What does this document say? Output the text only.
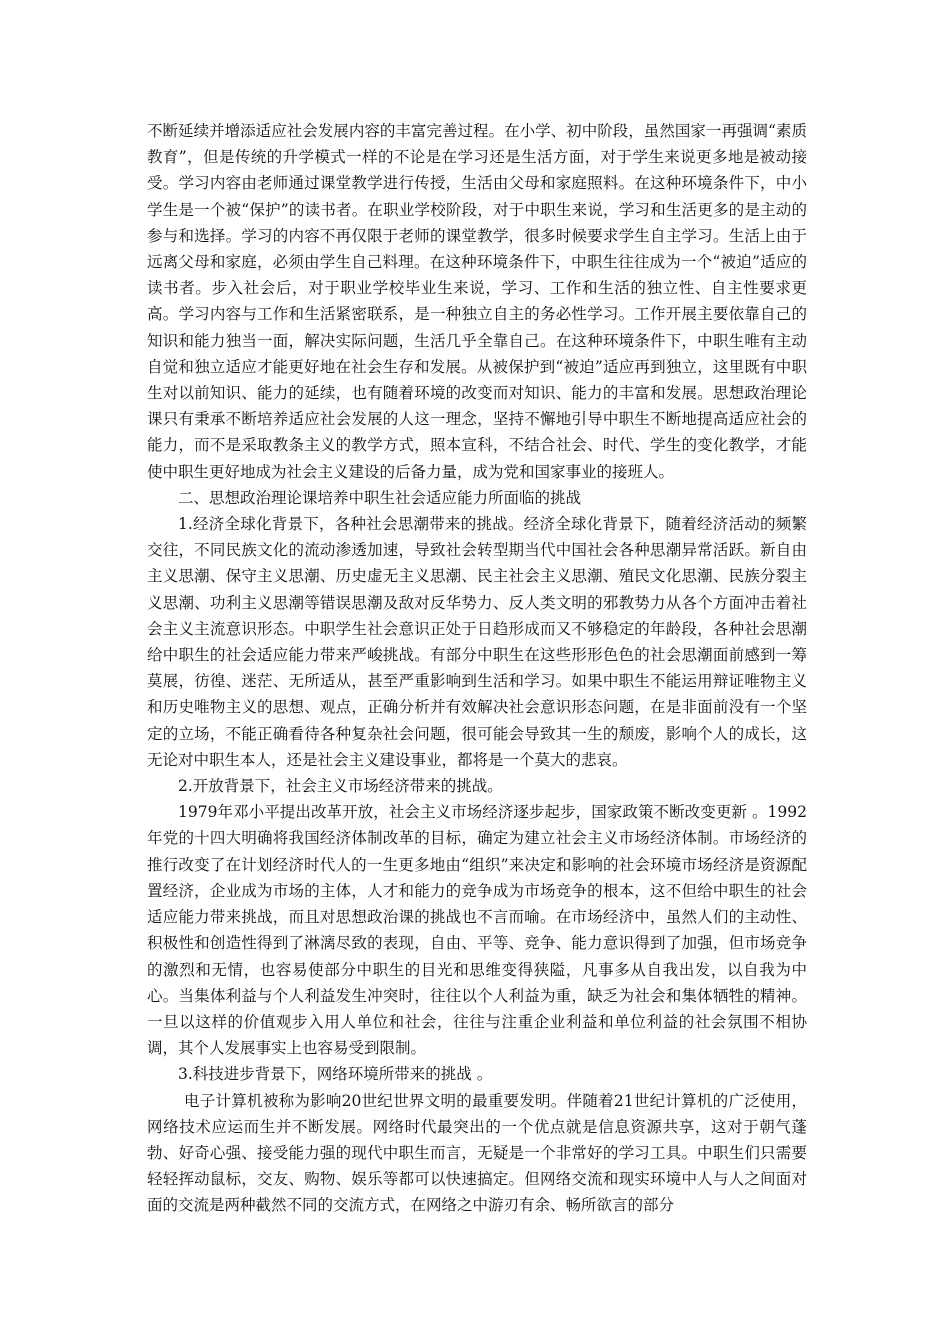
不断延续并增添适应社会发展内容的丰富完善过程。在小学、初中阶段，虽然国家一再强调“素质教育”，但是传统的升学模式一样的不论是在学习还是生活方面，对于学生来说更多地是被动接受。学习内容由老师通过课堂教学进行传授，生活由父母和家庭照料。在这种环境条件下，中小学生是一个被“保护”的读书者。在职业学校阶段，对于中职生来说，学习和生活更多的是主动的参与和选择。学习的内容不再仅限于老师的课堂教学，很多时候要求学生自主学习。生活上由于远离父母和家庭，必须由学生自己料理。在这种环境条件下，中职生往往成为一个“被迫”适应的读书者。步入社会后，对于职业学校毕业生来说，学习、工作和生活的独立性、自主性要求更高。学习内容与工作和生活紧密联系，是一种独立自主的务必性学习。工作开展主要依靠自己的知识和能力独当一面，解决实际问题，生活几乎全靠自己。在这种环境条件下，中职生唯有主动自觉和独立适应才能更好地在社会生存和发展。从被保护到“被迫”适应再到独立，这里既有中职生对以前知识、能力的延续，也有随着环境的改变而对知识、能力的丰富和发展。思想政治理论课只有秉承不断培养适应社会发展的人这一理念，坚持不懈地引导中职生不断地提高适应社会的能力，而不是采取教条主义的教学方式，照本宣科，不结合社会、时代、学生的变化教学，才能使中职生更好地成为社会主义建设的后备力量，成为党和国家事业的接班人。

二、思想政治理论课培养中职生社会适应能力所面临的挑战

1.经济全球化背景下，各种社会思潮带来的挑战。经济全球化背景下，随着经济活动的频繁交往，不同民族文化的流动渗透加速，导致社会转型期当代中国社会各种思潮异常活跃。新自由主义思潮、保守主义思潮、历史虚无主义思潮、民主社会主义思潮、殖民文化思潮、民族分裂主义思潮、功利主义思潮等错误思潮及敌对反华势力、反人类文明的邪教势力从各个方面冲击着社会主义主流意识形态。中职学生社会意识正处于日趋形成而又不够稳定的年龄段，各种社会思潮给中职生的社会适应能力带来严峻挑战。有部分中职生在这些形形色色的社会思潮面前感到一筹莫展，彷徨、迷茫、无所适从，甚至严重影响到生活和学习。如果中职生不能运用辩证唯物主义和历史唯物主义的思想、观点，正确分析并有效解决社会意识形态问题，在是非面前没有一个坚定的立场，不能正确看待各种复杂社会问题，很可能会导致其一生的颓废，影响个人的成长，这无论对中职生本人，还是社会主义建设事业，都将是一个莫大的悲哀。

2.开放背景下，社会主义市场经济带来的挑战。

1979年邓小平提出改革开放，社会主义市场经济逐步起步，国家政策不断改变更新 。1992年党的十四大明确将我国经济体制改革的目标，确定为建立社会主义市场经济体制。市场经济的推行改变了在计划经济时代人的一生更多地由“组织”来决定和影响的社会环境市场经济是资源配置经济，企业成为市场的主体，人才和能力的竞争成为市场竞争的根本，这不但给中职生的社会适应能力带来挑战，而且对思想政治课的挑战也不言而喻。在市场经济中，虽然人们的主动性、积极性和创造性得到了淋漓尽致的表现，自由、平等、竞争、能力意识得到了加强，但市场竞争的激烈和无情，也容易使部分中职生的目光和思维变得狭隘，凡事多从自我出发，以自我为中心。当集体利益与个人利益发生冲突时，往往以个人利益为重，缺乏为社会和集体牺牲的精神。一旦以这样的价值观步入用人单位和社会，往往与注重企业利益和单位利益的社会氛围不相协调，其个人发展事实上也容易受到限制。

3.科技进步背景下，网络环境所带来的挑战 。

电子计算机被称为影响20世纪世界文明的最重要发明。伴随着21世纪计算机的广泛使用，网络技术应运而生并不断发展。网络时代最突出的一个优点就是信息资源共享，这对于朝气蓬勃、好奇心强、接受能力强的现代中职生而言，无疑是一个非常好的学习工具。中职生们只需要轻轻挥动鼠标，交友、购物、娱乐等都可以快速搞定。但网络交流和现实环境中人与人之间面对面的交流是两种截然不同的交流方式，在网络之中游刃有余、畅所欲言的部分
